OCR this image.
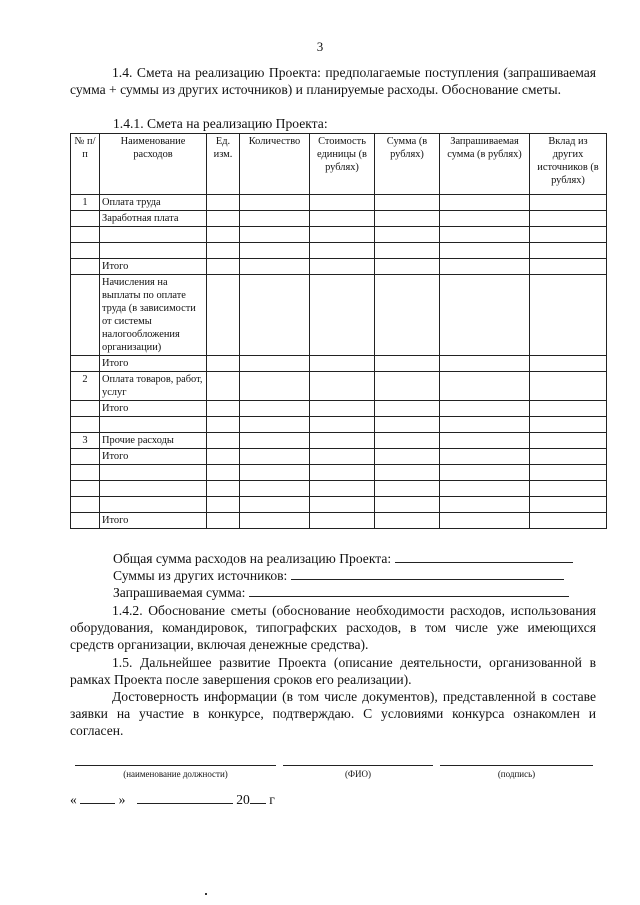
3
1.4. Смета на реализацию Проекта: предполагаемые поступления (запрашиваемая сумма + суммы из других источников) и планируемые расходы. Обоснование сметы.
1.4.1. Смета на реализацию Проекта:
№ п/п	Наименование расходов	Ед. изм.	Количество	Стоимость единицы (в рублях)	Сумма (в рублях)	Запрашиваемая сумма (в рублях)	Вклад из других источников (в рублях)
1	Оплата труда						
	Заработная плата						

	Итого						
	Начисления на выплаты по оплате труда (в зависимости от системы налогообложения организации)						
	Итого						
2	Оплата товаров, работ, услуг						
	Итого						

3	Прочие расходы						
	Итого						

	Итого						
Общая сумма расходов на реализацию Проекта:
Суммы из других источников:
Запрашиваемая сумма:
1.4.2. Обоснование сметы (обоснование необходимости расходов, использования оборудования, командировок, типографских расходов, в том числе уже имеющихся средств организации, включая денежные средства).
1.5. Дальнейшее развитие Проекта (описание деятельности, организованной в рамках Проекта после завершения сроков его реализации).
Достоверность информации (в том числе документов), представленной в составе заявки на участие в конкурсе, подтверждаю. С условиями конкурса ознакомлен и согласен.
(наименование должности)	(ФИО)	(подпись)
«	»	20 г
